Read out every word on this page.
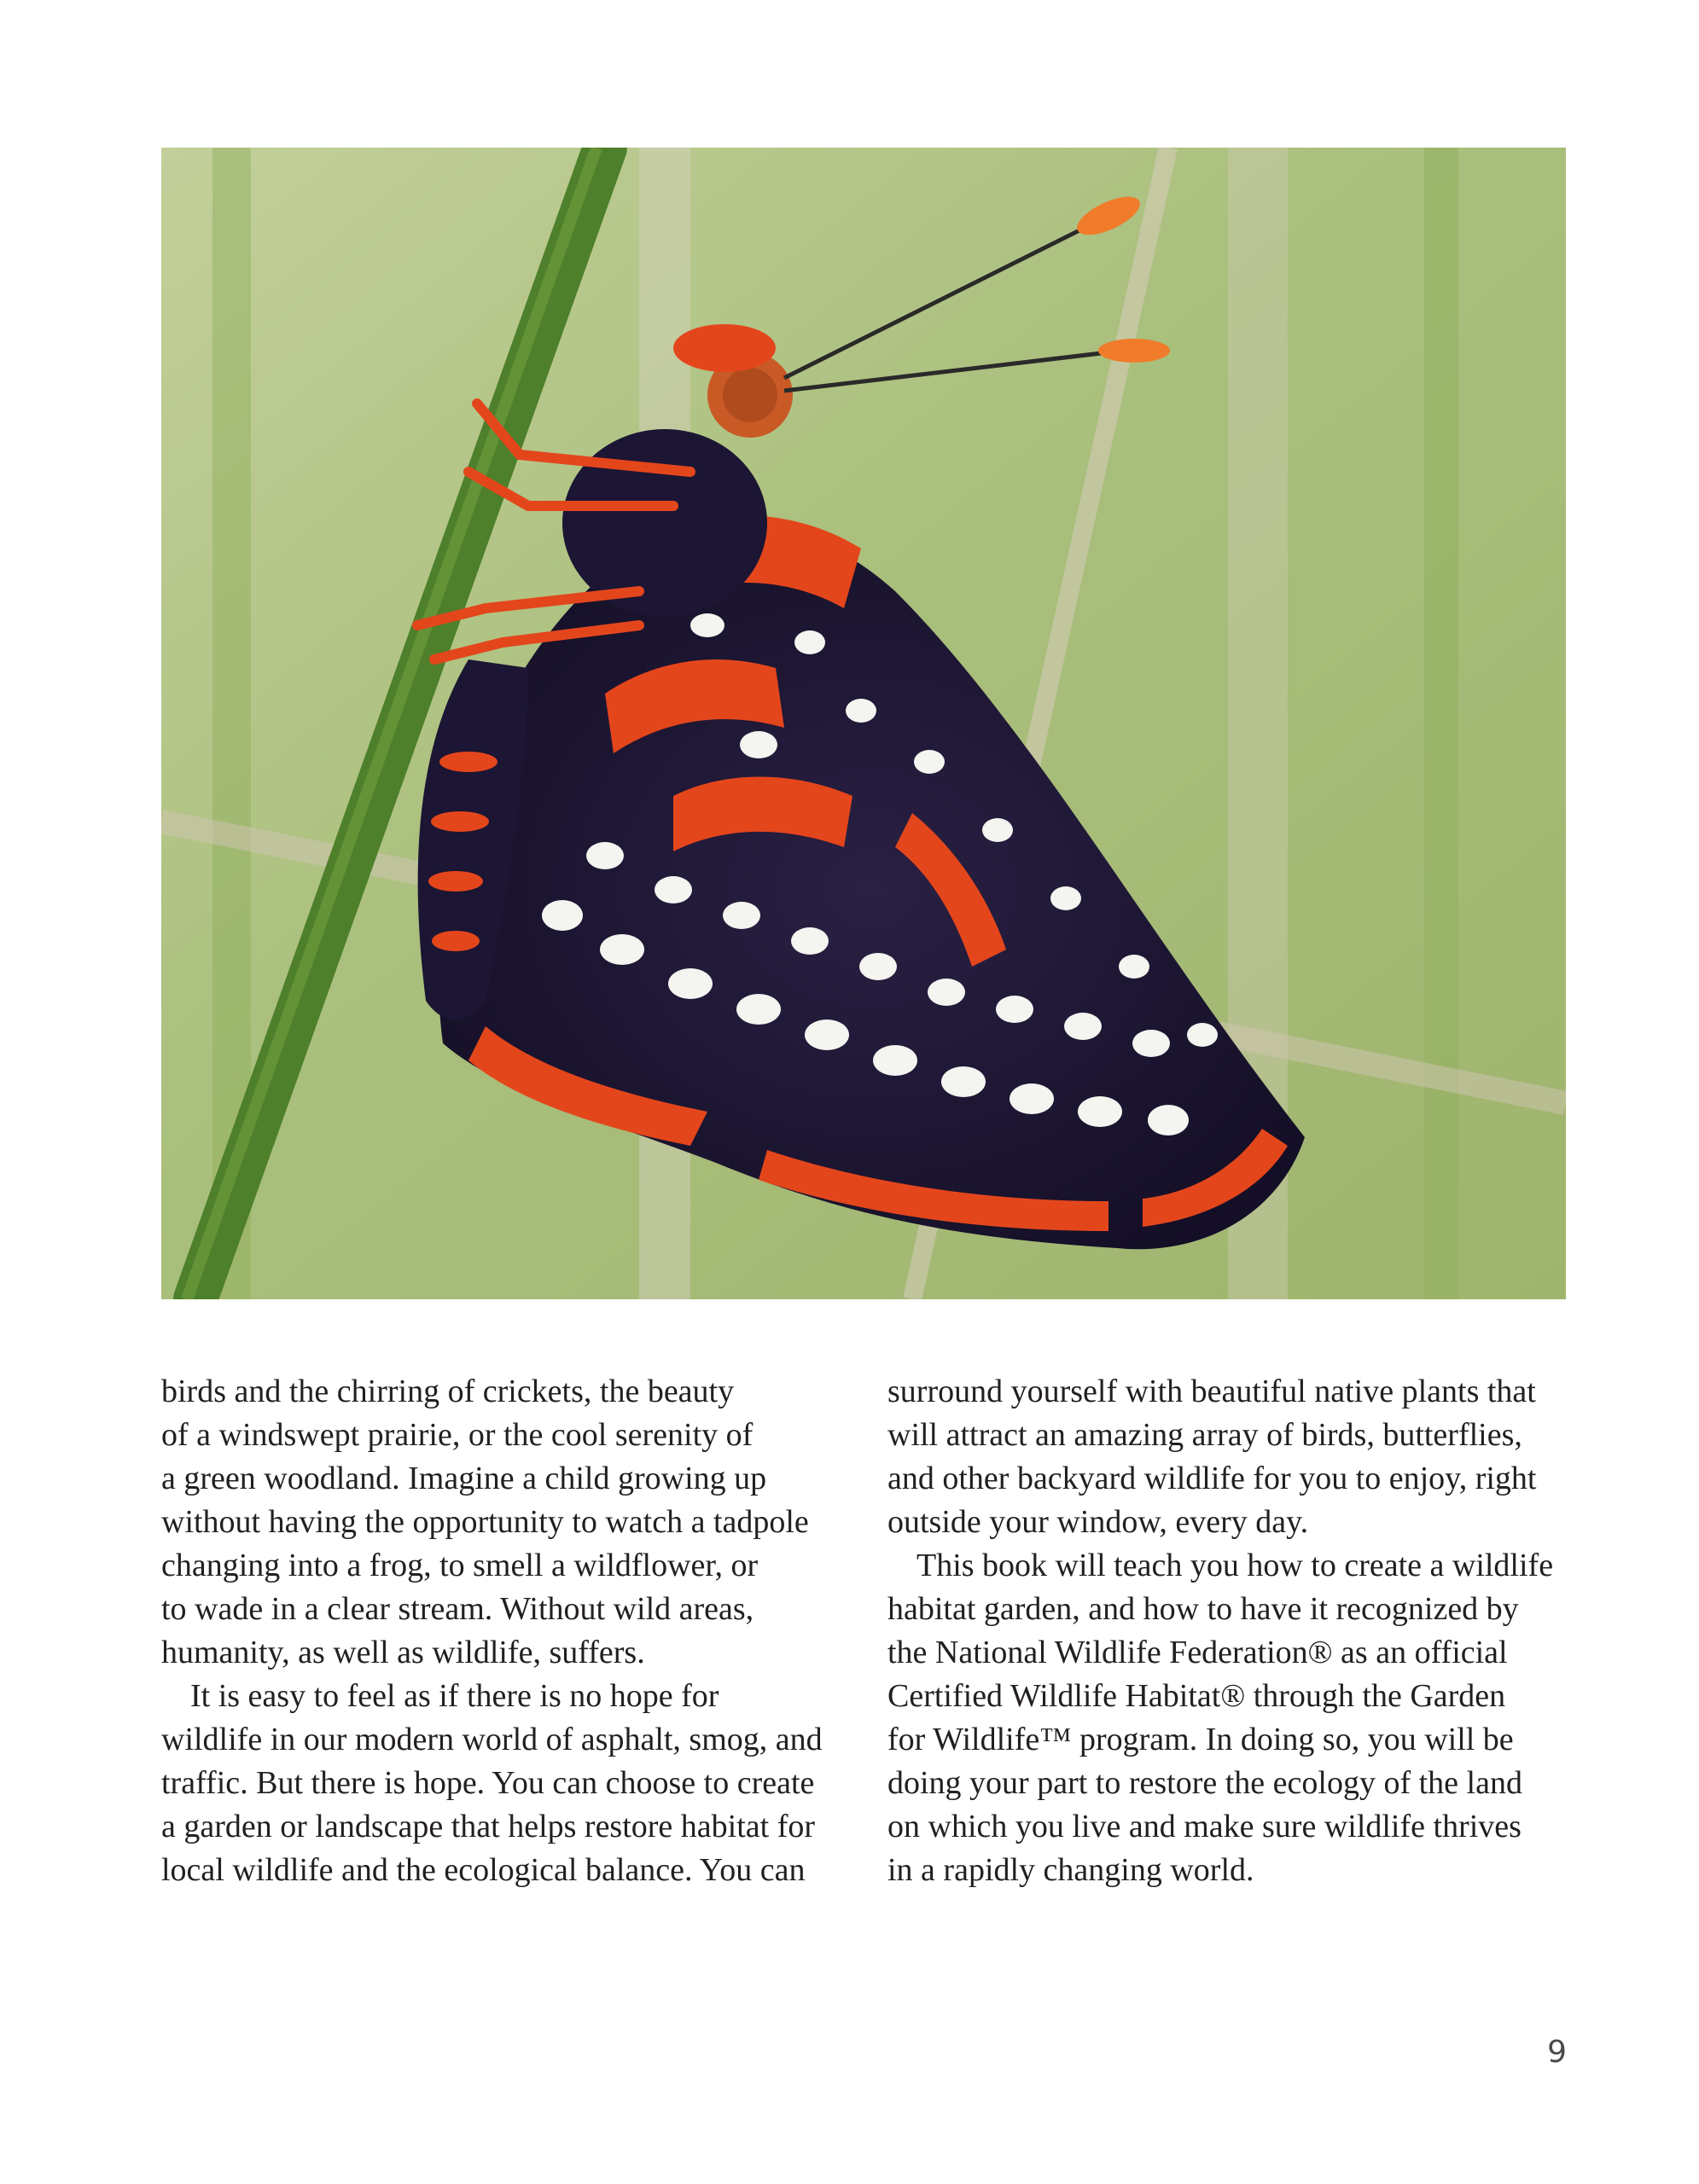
birds and the chirring of crickets, the beauty
of a windswept prairie, or the cool serenity of
a green woodland. Imagine a child growing up
without having the opportunity to watch a tadpole
changing into a frog, to smell a wildflower, or
to wade in a clear stream. Without wild areas,
humanity, as well as wildlife, suffers.
It is easy to feel as if there is no hope for
wildlife in our modern world of asphalt, smog, and
traffic. But there is hope. You can choose to create
a garden or landscape that helps restore habitat for
local wildlife and the ecological balance. You can
surround yourself with beautiful native plants that
will attract an amazing array of birds, butterflies,
and other backyard wildlife for you to enjoy, right
outside your window, every day.
This book will teach you how to create a wildlife
habitat garden, and how to have it recognized by
the National Wildlife Federation® as an official
Certified Wildlife Habitat® through the Garden
for Wildlife™ program. In doing so, you will be
doing your part to restore the ecology of the land
on which you live and make sure wildlife thrives
in a rapidly changing world.
9
